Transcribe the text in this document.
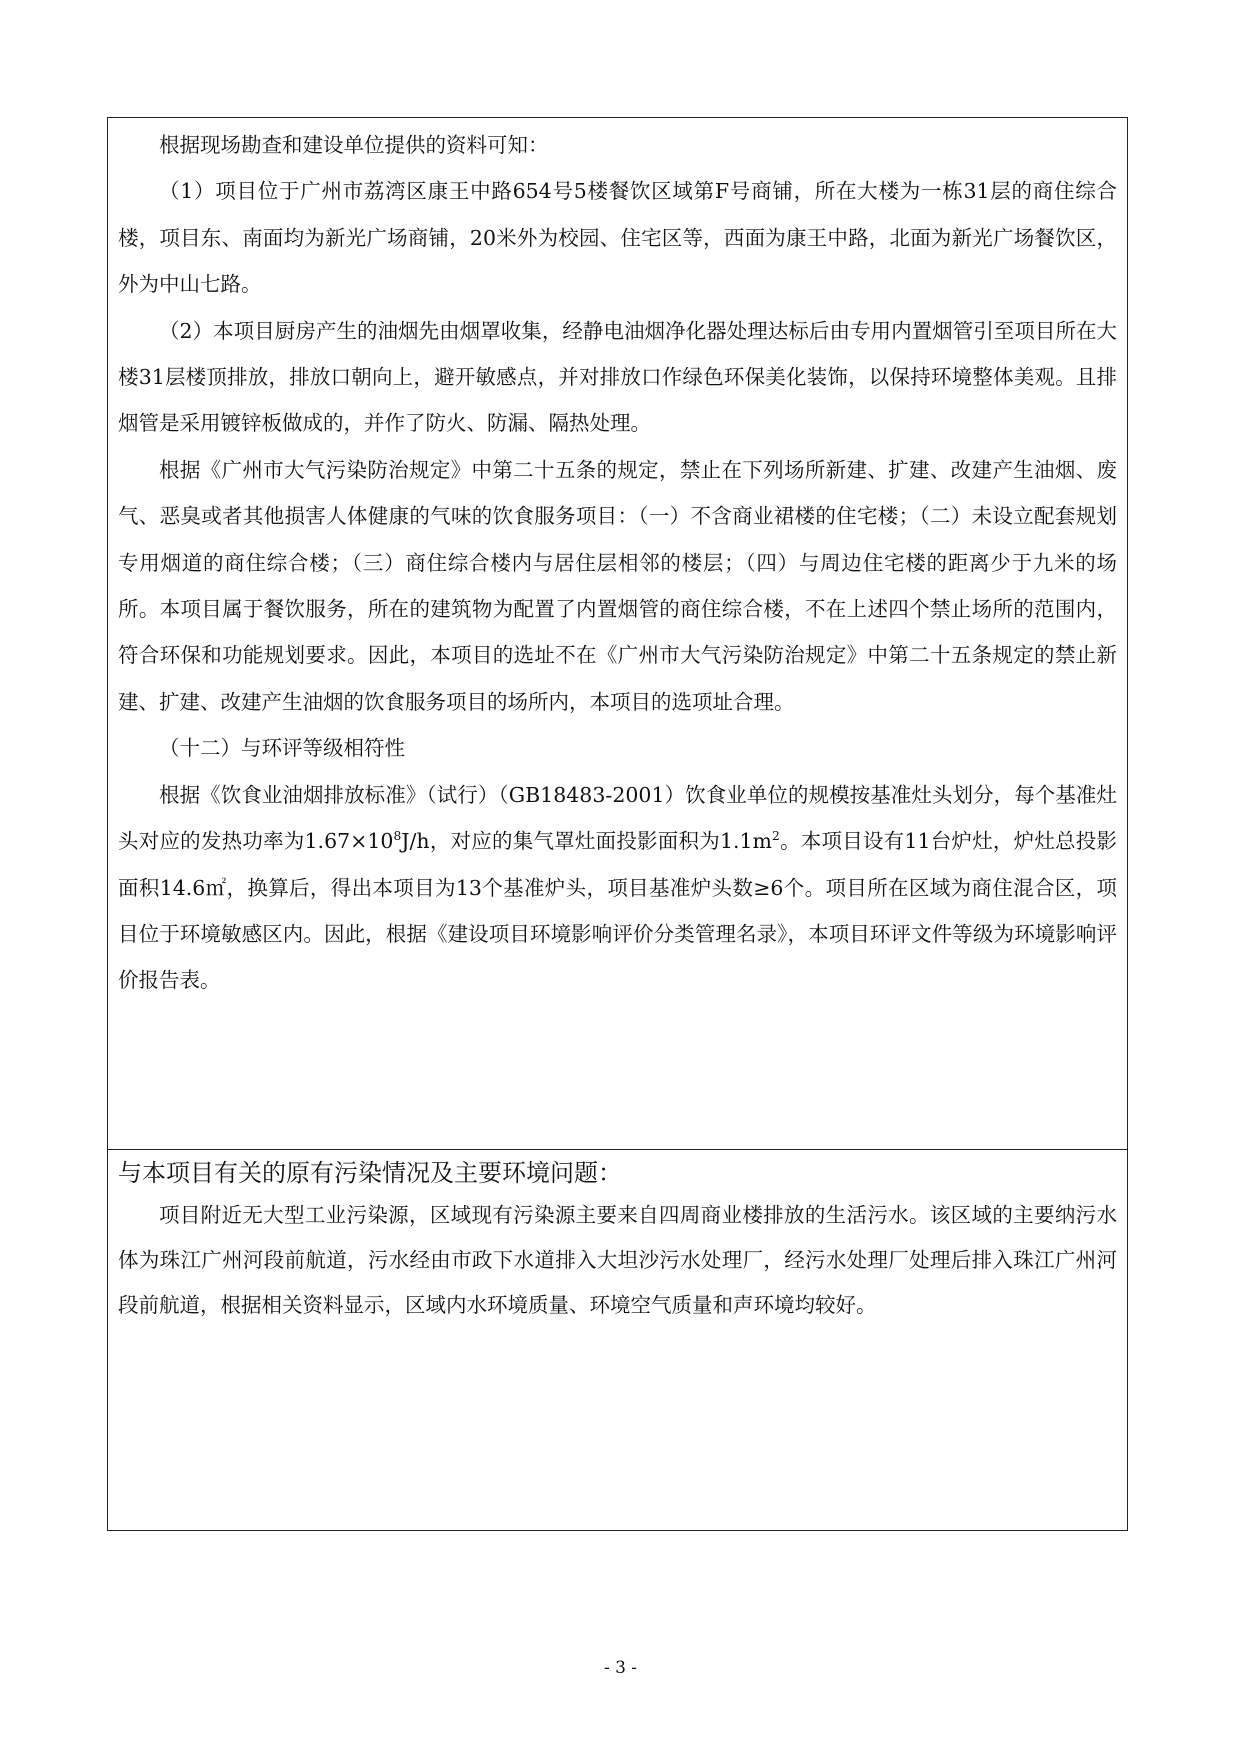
根据现场勘查和建设单位提供的资料可知：

（1）项目位于广州市荔湾区康王中路654号5楼餐饮区域第F号商铺，所在大楼为一栋31层的商住综合楼，项目东、南面均为新光广场商铺，20米外为校园、住宅区等，西面为康王中路，北面为新光广场餐饮区，外为中山七路。

（2）本项目厨房产生的油烟先由烟罩收集，经静电油烟净化器处理达标后由专用内置烟管引至项目所在大楼31层楼顶排放，排放口朝向上，避开敏感点，并对排放口作绿色环保美化装饰，以保持环境整体美观。且排烟管是采用镀锌板做成的，并作了防火、防漏、隔热处理。

根据《广州市大气污染防治规定》中第二十五条的规定，禁止在下列场所新建、扩建、改建产生油烟、废气、恶臭或者其他损害人体健康的气味的饮食服务项目：（一）不含商业裙楼的住宅楼；（二）未设立配套规划专用烟道的商住综合楼；（三）商住综合楼内与居住层相邻的楼层；（四）与周边住宅楼的距离少于九米的场所。本项目属于餐饮服务，所在的建筑物为配置了内置烟管的商住综合楼，不在上述四个禁止场所的范围内，符合环保和功能规划要求。因此，本项目的选址不在《广州市大气污染防治规定》中第二十五条规定的禁止新建、扩建、改建产生油烟的饮食服务项目的场所内，本项目的选项址合理。

（十二）与环评等级相符性

根据《饮食业油烟排放标准》（试行）（GB18483-2001）饮食业单位的规模按基准灶头划分，每个基准灶头对应的发热功率为$1.67\times 10^8J/h$，对应的集气罩灶面投影面积为$1.1m^2$。本项目设有11台炉灶，炉灶总投影面积14.6㎡，换算后，得出本项目为13个基准炉头，项目基准炉头数≥6个。项目所在区域为商住混合区，项目位于环境敏感区内。因此，根据《建设项目环境影响评价分类管理名录》，本项目环评文件等级为环境影响评价报告表。

与本项目有关的原有污染情况及主要环境问题：

项目附近无大型工业污染源，区域现有污染源主要来自四周商业楼排放的生活污水。该区域的主要纳污水体为珠江广州河段前航道，污水经由市政下水道排入大坦沙污水处理厂，经污水处理厂处理后排入珠江广州河段前航道，根据相关资料显示，区域内水环境质量、环境空气质量和声环境均较好。

- 3 -
